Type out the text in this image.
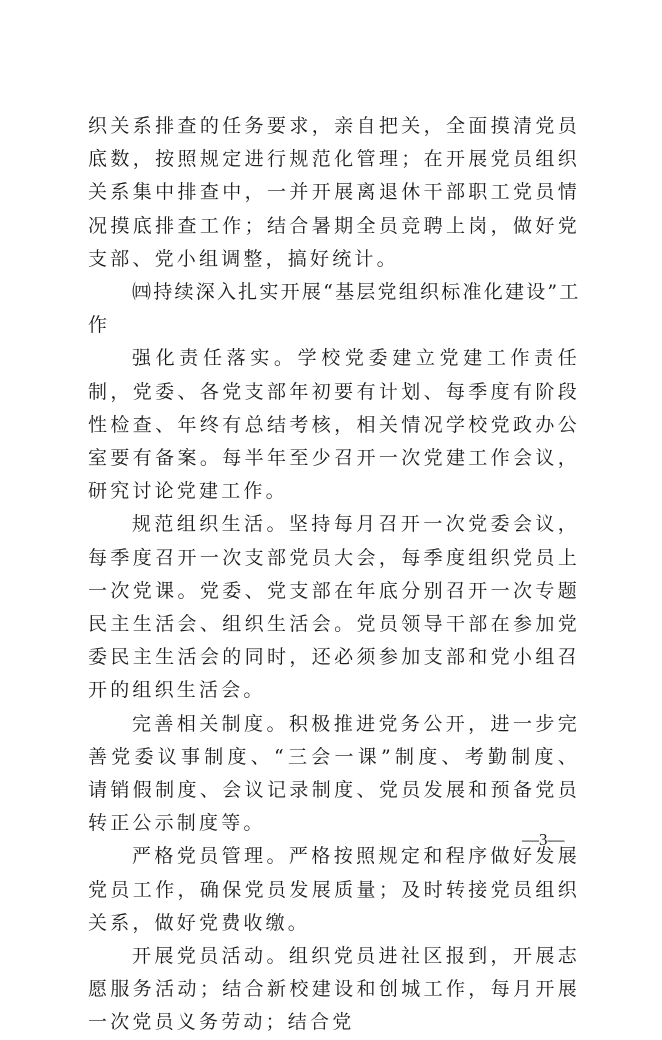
织关系排查的任务要求，亲自把关，全面摸清党员底数，按照规定进行规范化管理；在开展党员组织关系集中排查中，一并开展离退休干部职工党员情况摸底排查工作；结合暑期全员竞聘上岗，做好党支部、党小组调整，搞好统计。

㈣持续深入扎实开展“基层党组织标准化建设”工作

强化责任落实。学校党委建立党建工作责任制，党委、各党支部年初要有计划、每季度有阶段性检查、年终有总结考核，相关情况学校党政办公室要有备案。每半年至少召开一次党建工作会议，研究讨论党建工作。

规范组织生活。坚持每月召开一次党委会议，每季度召开一次支部党员大会，每季度组织党员上一次党课。党委、党支部在年底分别召开一次专题民主生活会、组织生活会。党员领导干部在参加党委民主生活会的同时，还必须参加支部和党小组召开的组织生活会。

完善相关制度。积极推进党务公开，进一步完善党委议事制度、“三会一课”制度、考勤制度、请销假制度、会议记录制度、党员发展和预备党员转正公示制度等。

严格党员管理。严格按照规定和程序做好发展党员工作，确保党员发展质量；及时转接党员组织关系，做好党费收缴。

开展党员活动。组织党员进社区报到，开展志愿服务活动；结合新校建设和创城工作，每月开展一次党员义务劳动；结合党

—3—
